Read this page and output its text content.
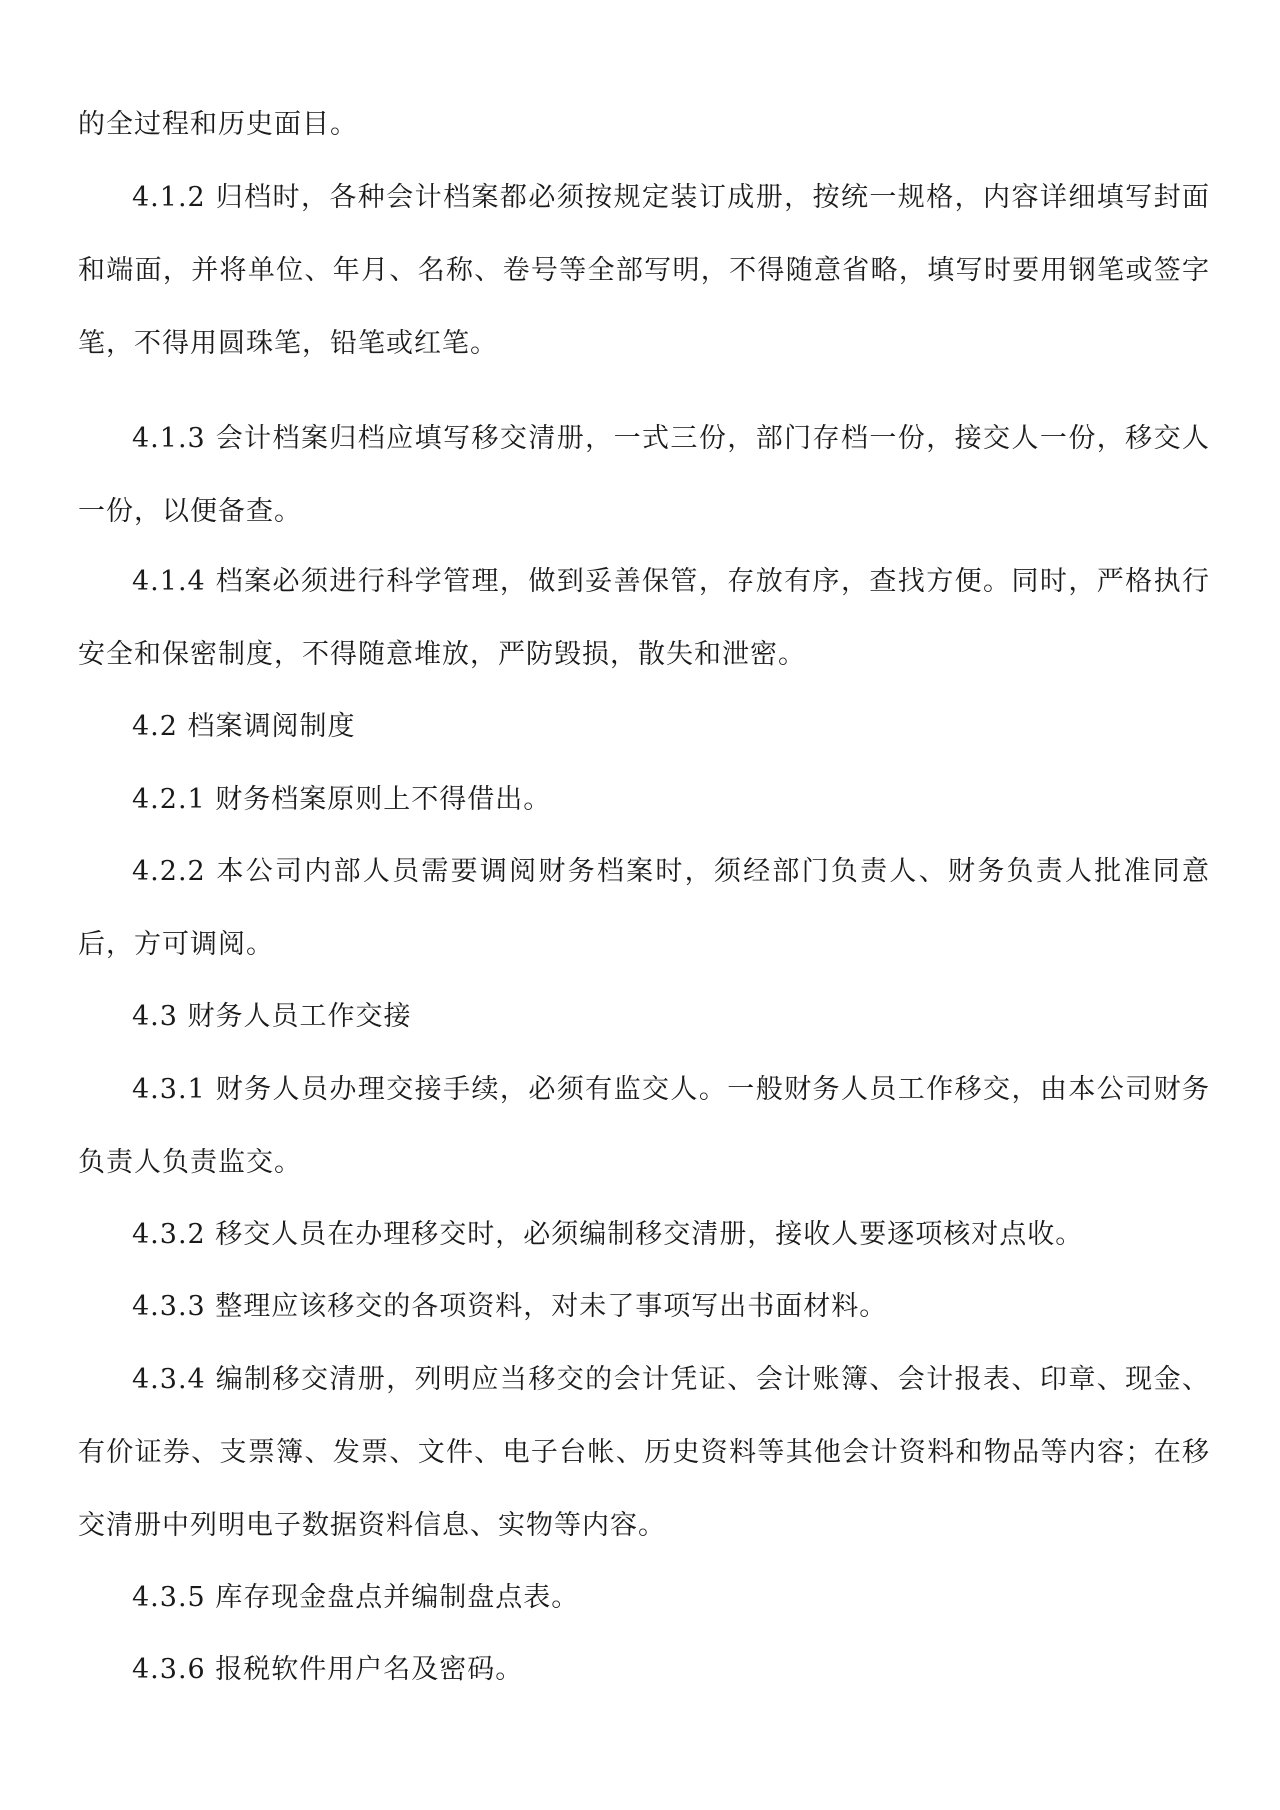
的全过程和历史面目。

4.1.2 归档时，各种会计档案都必须按规定装订成册，按统一规格，内容详细填写封面和端面，并将单位、年月、名称、卷号等全部写明，不得随意省略，填写时要用钢笔或签字笔，不得用圆珠笔，铅笔或红笔。

4.1.3 会计档案归档应填写移交清册，一式三份，部门存档一份，接交人一份，移交人一份，以便备查。

4.1.4 档案必须进行科学管理，做到妥善保管，存放有序，查找方便。同时，严格执行安全和保密制度，不得随意堆放，严防毁损，散失和泄密。

4.2 档案调阅制度

4.2.1 财务档案原则上不得借出。

4.2.2 本公司内部人员需要调阅财务档案时，须经部门负责人、财务负责人批准同意后，方可调阅。

4.3 财务人员工作交接

4.3.1 财务人员办理交接手续，必须有监交人。一般财务人员工作移交，由本公司财务负责人负责监交。

4.3.2 移交人员在办理移交时，必须编制移交清册，接收人要逐项核对点收。

4.3.3 整理应该移交的各项资料，对未了事项写出书面材料。

4.3.4 编制移交清册，列明应当移交的会计凭证、会计账簿、会计报表、印章、现金、有价证券、支票簿、发票、文件、电子台帐、历史资料等其他会计资料和物品等内容；在移交清册中列明电子数据资料信息、实物等内容。

4.3.5 库存现金盘点并编制盘点表。

4.3.6 报税软件用户名及密码。
